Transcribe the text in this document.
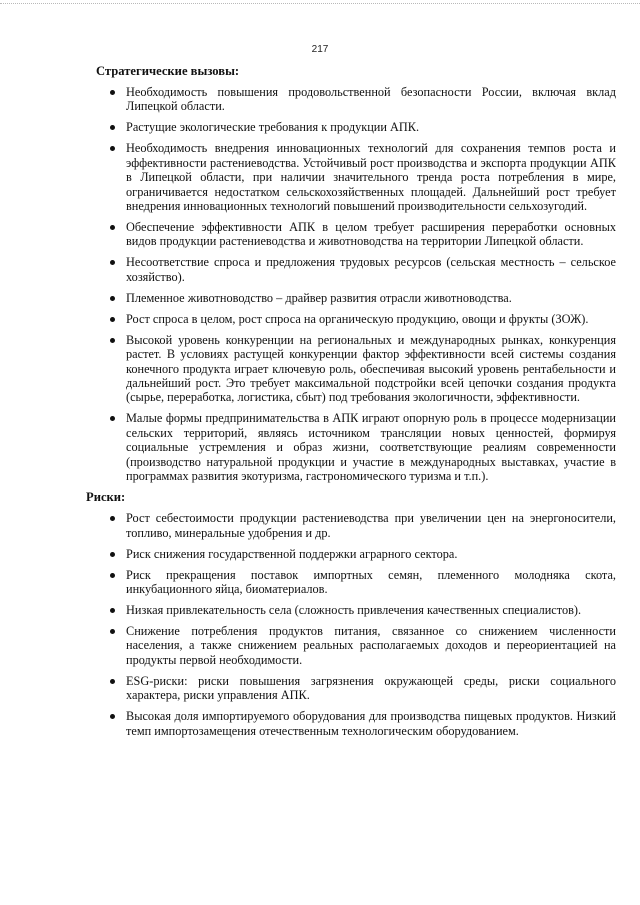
217
Стратегические вызовы:
Необходимость повышения продовольственной безопасности России, включая вклад Липецкой области.
Растущие экологические требования к продукции АПК.
Необходимость внедрения инновационных технологий для сохранения темпов роста и эффективности растениеводства. Устойчивый рост производства и экспорта продукции АПК в Липецкой области, при наличии значительного тренда роста потребления в мире, ограничивается недостатком сельскохозяйственных площадей. Дальнейший рост требует внедрения инновационных технологий повышений производительности сельхозугодий.
Обеспечение эффективности АПК в целом требует расширения переработки основных видов продукции растениеводства и животноводства на территории Липецкой области.
Несоответствие спроса и предложения трудовых ресурсов (сельская местность – сельское хозяйство).
Племенное животноводство – драйвер развития отрасли животноводства.
Рост спроса в целом, рост спроса на органическую продукцию, овощи и фрукты (ЗОЖ).
Высокой уровень конкуренции на региональных и международных рынках, конкуренция растет. В условиях растущей конкуренции фактор эффективности всей системы создания конечного продукта играет ключевую роль, обеспечивая высокий уровень рентабельности и дальнейший рост. Это требует максимальной подстройки всей цепочки создания продукта (сырье, переработка, логистика, сбыт) под требования экологичности, эффективности.
Малые формы предпринимательства в АПК играют опорную роль в процессе модернизации сельских территорий, являясь источником трансляции новых ценностей, формируя социальные устремления и образ жизни, соответствующие реалиям современности (производство натуральной продукции и участие в международных выставках, участие в программах развития экотуризма, гастрономического туризма и т.п.).
Риски:
Рост себестоимости продукции растениеводства при увеличении цен на энергоносители, топливо, минеральные удобрения и др.
Риск снижения государственной поддержки аграрного сектора.
Риск прекращения поставок импортных семян, племенного молодняка скота, инкубационного яйца, биоматериалов.
Низкая привлекательность села (сложность привлечения качественных специалистов).
Снижение потребления продуктов питания, связанное со снижением численности населения, а также снижением реальных располагаемых доходов и переориентацией на продукты первой необходимости.
ESG-риски: риски повышения загрязнения окружающей среды, риски социального характера, риски управления АПК.
Высокая доля импортируемого оборудования для производства пищевых продуктов. Низкий темп импортозамещения отечественным технологическим оборудованием.
